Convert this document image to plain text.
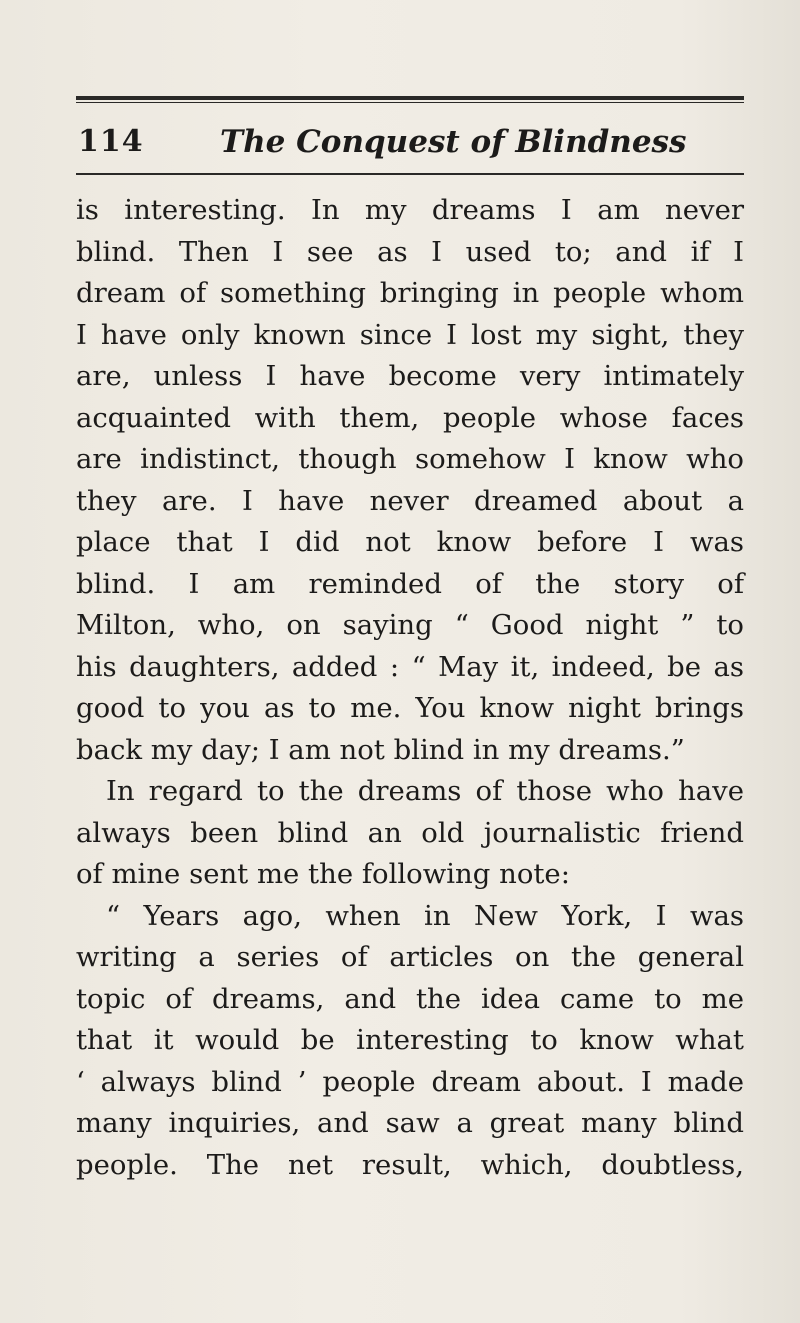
114 The Conquest of Blindness
is interesting. In my dreams I am never
blind. Then I see as I used to; and if I
dream of something bringing in people whom
I have only known since I lost my sight, they
are, unless I have become very intimately
acquainted with them, people whose faces
are indistinct, though somehow I know who
they are. I have never dreamed about a
place that I did not know before I was
blind. I am reminded of the story of
Milton, who, on saying “ Good night ” to
his daughters, added : “ May it, indeed, be as
good to you as to me. You know night brings
back my day; I am not blind in my dreams.”
In regard to the dreams of those who have
always been blind an old journalistic friend
of mine sent me the following note:
“ Years ago, when in New York, I was
writing a series of articles on the general
topic of dreams, and the idea came to me
that it would be interesting to know what
‘ always blind ’ people dream about. I made
many inquiries, and saw a great many blind
people. The net result, which, doubtless,
